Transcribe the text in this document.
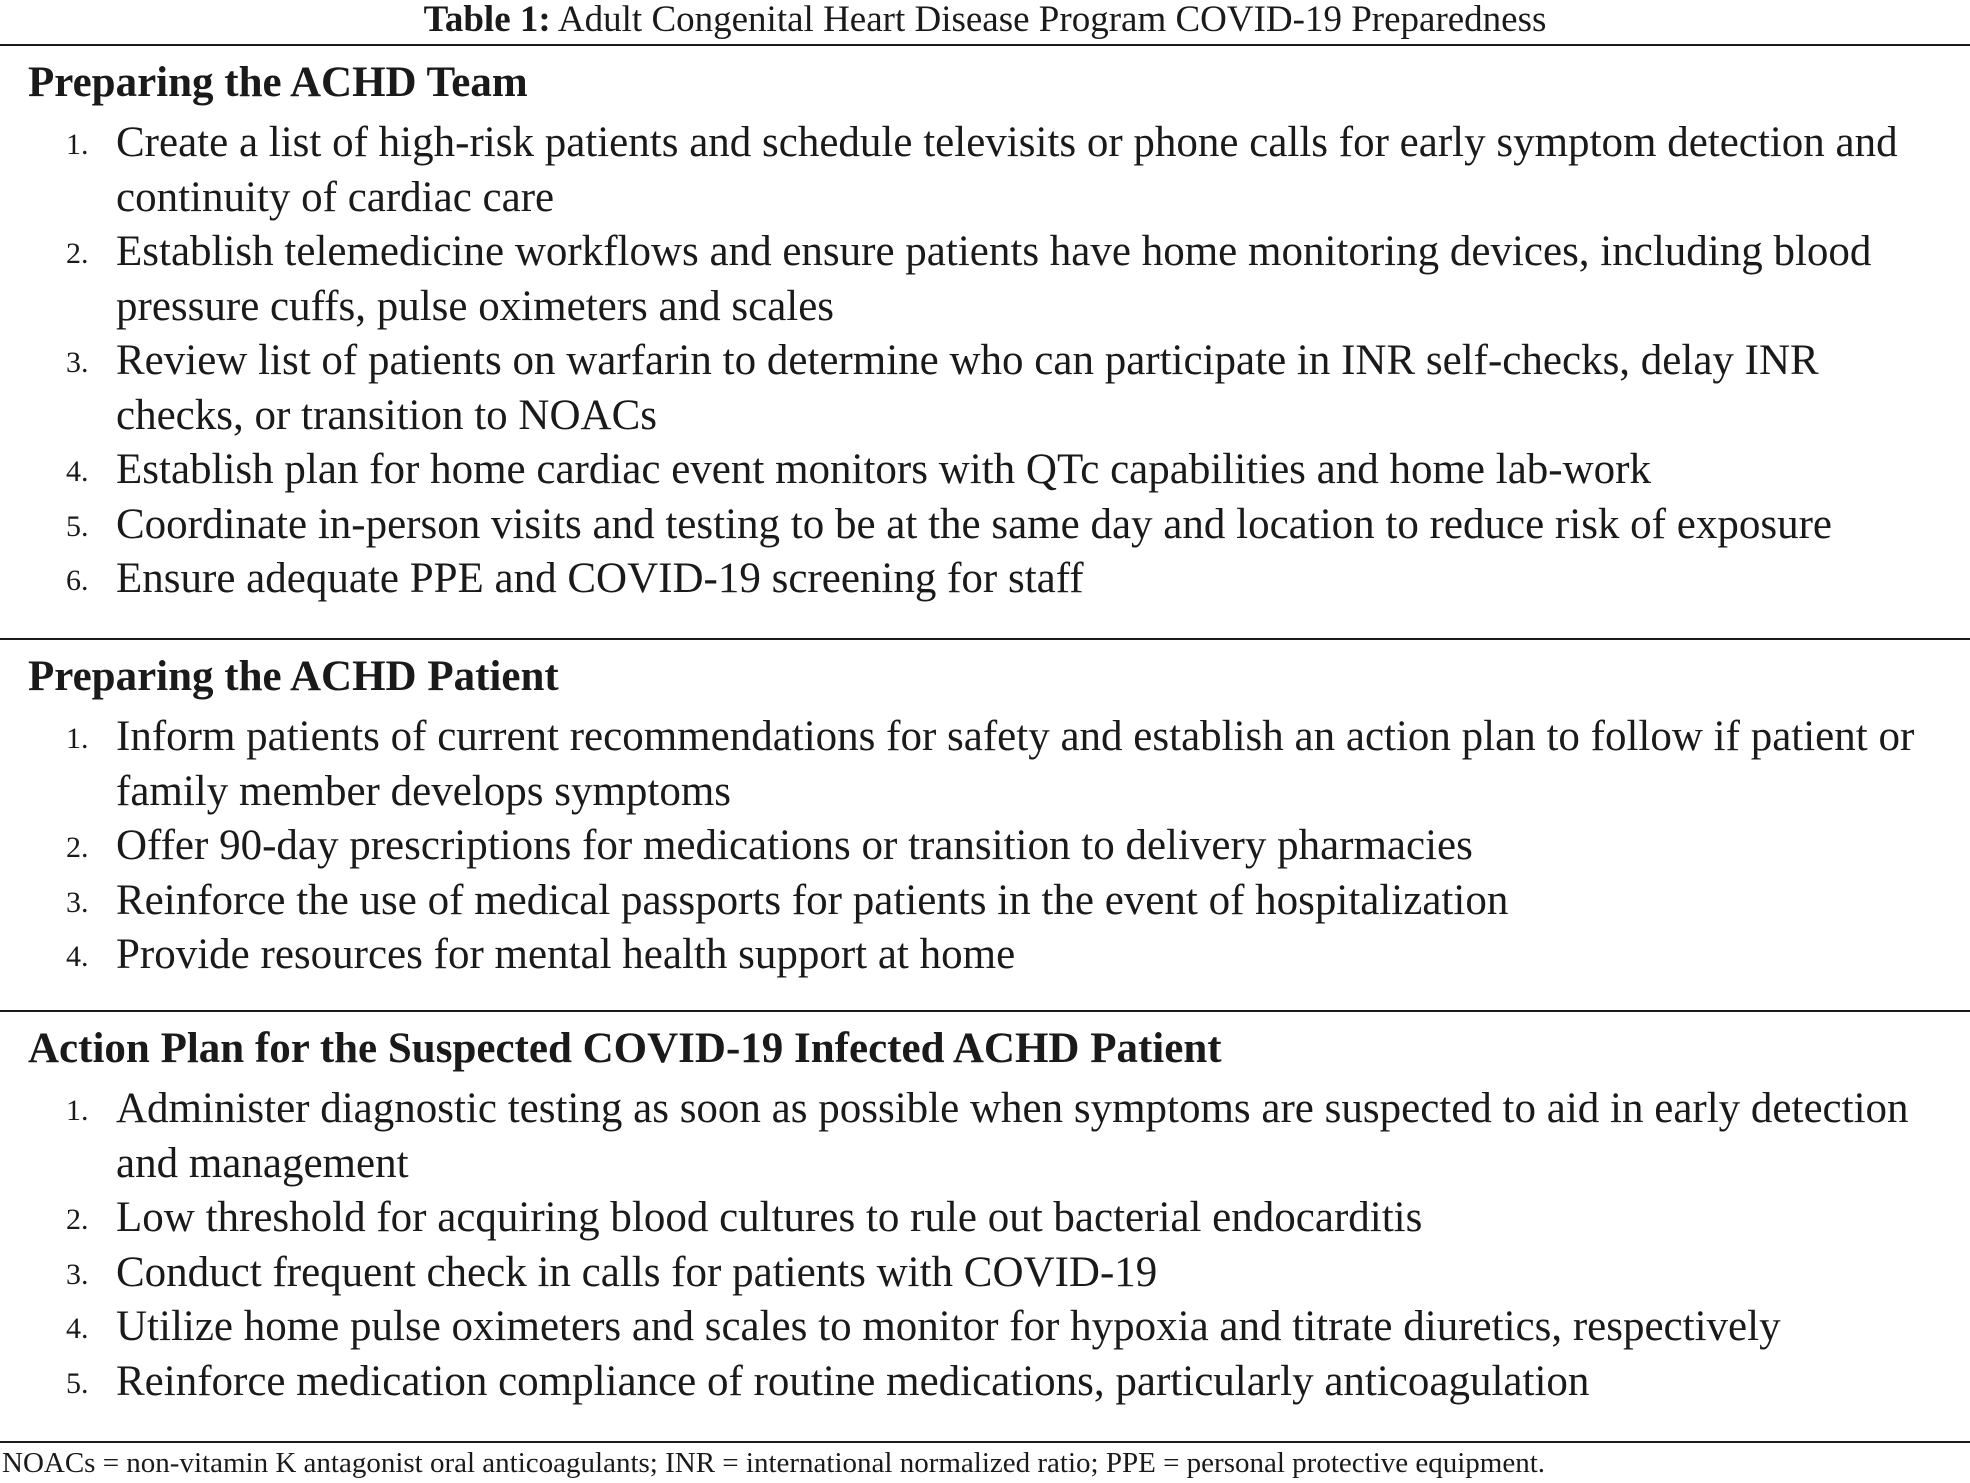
Table 1: Adult Congenital Heart Disease Program COVID-19 Preparedness
Preparing the ACHD Team
1. Create a list of high-risk patients and schedule televisits or phone calls for early symptom detection and continuity of cardiac care
2. Establish telemedicine workflows and ensure patients have home monitoring devices, including blood pressure cuffs, pulse oximeters and scales
3. Review list of patients on warfarin to determine who can participate in INR self-checks, delay INR checks, or transition to NOACs
4. Establish plan for home cardiac event monitors with QTc capabilities and home lab-work
5. Coordinate in-person visits and testing to be at the same day and location to reduce risk of exposure
6. Ensure adequate PPE and COVID-19 screening for staff
Preparing the ACHD Patient
1. Inform patients of current recommendations for safety and establish an action plan to follow if patient or family member develops symptoms
2. Offer 90-day prescriptions for medications or transition to delivery pharmacies
3. Reinforce the use of medical passports for patients in the event of hospitalization
4. Provide resources for mental health support at home
Action Plan for the Suspected COVID-19 Infected ACHD Patient
1. Administer diagnostic testing as soon as possible when symptoms are suspected to aid in early detection and management
2. Low threshold for acquiring blood cultures to rule out bacterial endocarditis
3. Conduct frequent check in calls for patients with COVID-19
4. Utilize home pulse oximeters and scales to monitor for hypoxia and titrate diuretics, respectively
5. Reinforce medication compliance of routine medications, particularly anticoagulation
NOACs = non-vitamin K antagonist oral anticoagulants; INR = international normalized ratio; PPE = personal protective equipment.
